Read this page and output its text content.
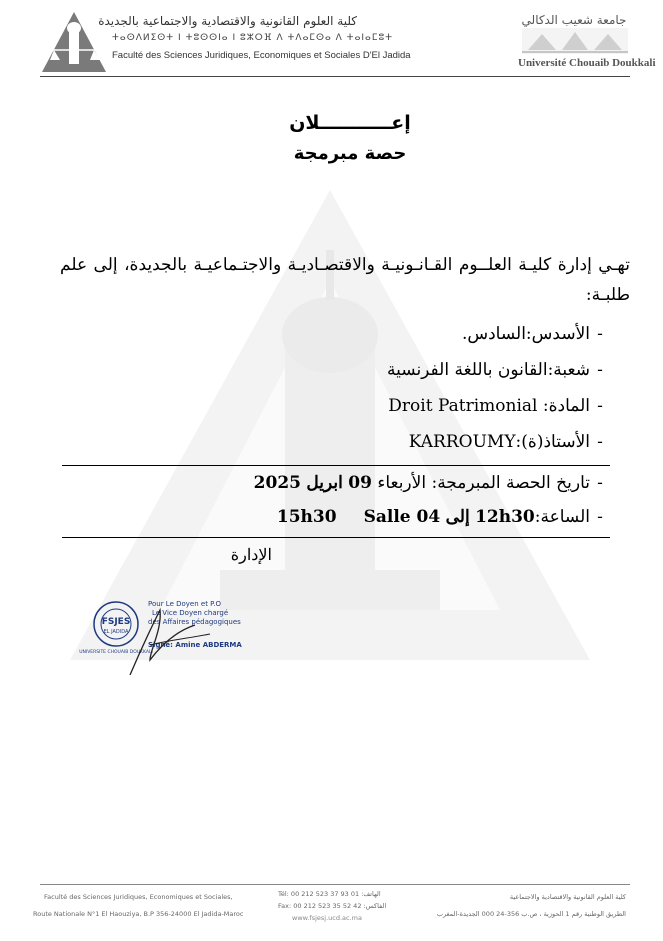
كلية العلوم القانونية والاقتصادية والاجتماعية بالجديدة
ⵜⴰⵙⴷⵍⵉⵙⵜ ⵏ ⵜⵓⵙⵙⵏⴰ ⵏ ⵓⵣⵔⴼ ⴷ ⵜⴷⴰⵎⵙⴰ ⴷ ⵜⴰⵏⴰⵎⵓⵜ
Faculté des Sciences Juridiques, Economiques et Sociales D'El Jadida
جامعة شعيب الدكالي
Université Chouaib Doukkali
إعـــــــــــلان
حصة مبرمجة
تهـي إدارة كليـة العلــوم القـانـونيـة والاقتصـاديـة والاجتـماعيـة بالجديدة، إلى علم طلبـة:
-الأسدس:السادس.
-شعبة:القانون باللغة الفرنسية
-المادة: Droit Patrimonial
-الأستاذ(ة):KARROUMY
-تاريخ الحصة المبرمجة: الأربعاء 09 ابريل 2025
-الساعة:12h30 إلى 15h30 Salle 04
الإدارة
FSJES
UNIVERSITE CHOUAIB DOUKKALI
EL JADIDA
Pour Le Doyen et P.O
Le Vice Doyen chargé
des Affaires pédagogiques
Signé: Amine ABDERMA
Faculté des Sciences Juridiques, Economiques et Sociales,
Route Nationale N°1 El Haouziya, B.P 356-24000 El Jadida-Maroc
Tél: 00 212 523 37 93 01 :الهاتف
Fax: 00 212 523 35 52 42 :الفاكس
www.fsjesj.ucd.ac.ma
كلية العلوم القانونية والاقتصادية والاجتماعية
الطريق الوطنية رقم 1 الحوزية ، ص.ب 356-24 000 الجديدة-المغرب
